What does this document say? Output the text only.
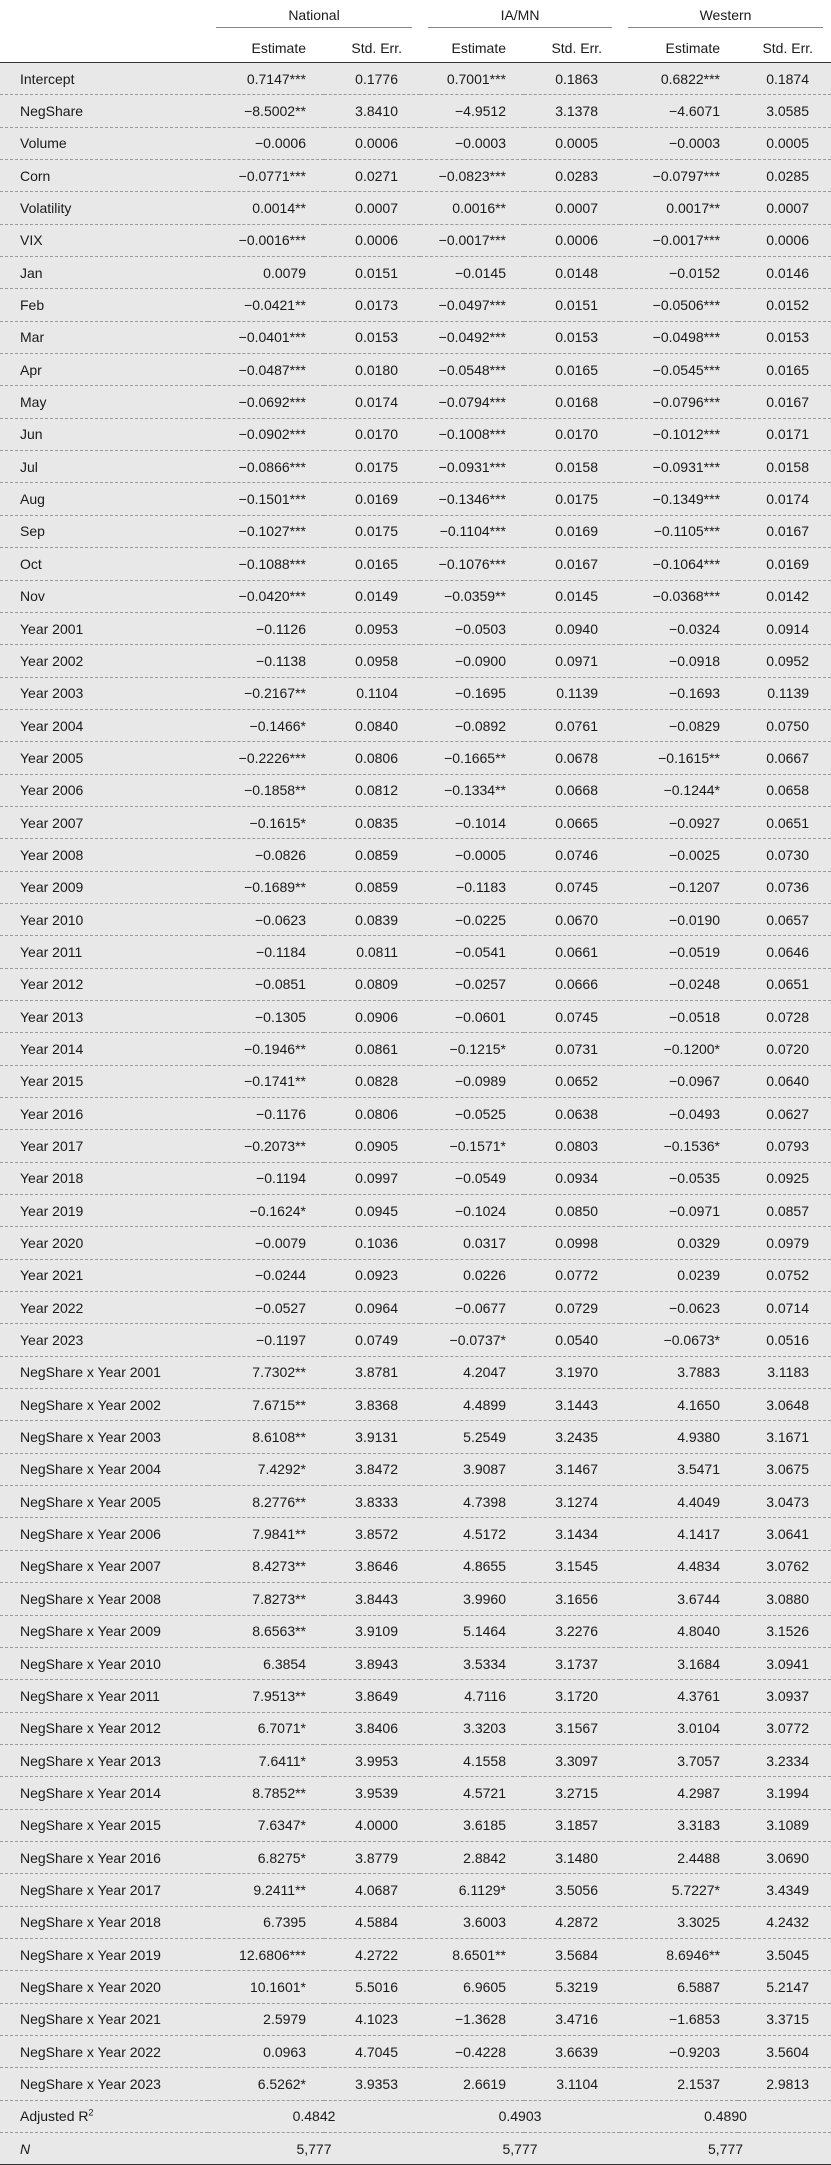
	National		IA/MN		Western	

	Estimate	Std. Err.	Estimate	Std. Err.	Estimate	Std. Err.
Intercept	0.7147***	0.1776	0.7001***	0.1863	0.6822***	0.1874
NegShare	−8.5002**	3.8410	−4.9512	3.1378	−4.6071	3.0585
Volume	−0.0006	0.0006	−0.0003	0.0005	−0.0003	0.0005
Corn	−0.0771***	0.0271	−0.0823***	0.0283	−0.0797***	0.0285
Volatility	0.0014**	0.0007	0.0016**	0.0007	0.0017**	0.0007
VIX	−0.0016***	0.0006	−0.0017***	0.0006	−0.0017***	0.0006
Jan	0.0079	0.0151	−0.0145	0.0148	−0.0152	0.0146
Feb	−0.0421**	0.0173	−0.0497***	0.0151	−0.0506***	0.0152
Mar	−0.0401***	0.0153	−0.0492***	0.0153	−0.0498***	0.0153
Apr	−0.0487***	0.0180	−0.0548***	0.0165	−0.0545***	0.0165
May	−0.0692***	0.0174	−0.0794***	0.0168	−0.0796***	0.0167
Jun	−0.0902***	0.0170	−0.1008***	0.0170	−0.1012***	0.0171
Jul	−0.0866***	0.0175	−0.0931***	0.0158	−0.0931***	0.0158
Aug	−0.1501***	0.0169	−0.1346***	0.0175	−0.1349***	0.0174
Sep	−0.1027***	0.0175	−0.1104***	0.0169	−0.1105***	0.0167
Oct	−0.1088***	0.0165	−0.1076***	0.0167	−0.1064***	0.0169
Nov	−0.0420***	0.0149	−0.0359**	0.0145	−0.0368***	0.0142
Year 2001	−0.1126	0.0953	−0.0503	0.0940	−0.0324	0.0914
Year 2002	−0.1138	0.0958	−0.0900	0.0971	−0.0918	0.0952
Year 2003	−0.2167**	0.1104	−0.1695	0.1139	−0.1693	0.1139
Year 2004	−0.1466*	0.0840	−0.0892	0.0761	−0.0829	0.0750
Year 2005	−0.2226***	0.0806	−0.1665**	0.0678	−0.1615**	0.0667
Year 2006	−0.1858**	0.0812	−0.1334**	0.0668	−0.1244*	0.0658
Year 2007	−0.1615*	0.0835	−0.1014	0.0665	−0.0927	0.0651
Year 2008	−0.0826	0.0859	−0.0005	0.0746	−0.0025	0.0730
Year 2009	−0.1689**	0.0859	−0.1183	0.0745	−0.1207	0.0736
Year 2010	−0.0623	0.0839	−0.0225	0.0670	−0.0190	0.0657
Year 2011	−0.1184	0.0811	−0.0541	0.0661	−0.0519	0.0646
Year 2012	−0.0851	0.0809	−0.0257	0.0666	−0.0248	0.0651
Year 2013	−0.1305	0.0906	−0.0601	0.0745	−0.0518	0.0728
Year 2014	−0.1946**	0.0861	−0.1215*	0.0731	−0.1200*	0.0720
Year 2015	−0.1741**	0.0828	−0.0989	0.0652	−0.0967	0.0640
Year 2016	−0.1176	0.0806	−0.0525	0.0638	−0.0493	0.0627
Year 2017	−0.2073**	0.0905	−0.1571*	0.0803	−0.1536*	0.0793
Year 2018	−0.1194	0.0997	−0.0549	0.0934	−0.0535	0.0925
Year 2019	−0.1624*	0.0945	−0.1024	0.0850	−0.0971	0.0857
Year 2020	−0.0079	0.1036	0.0317	0.0998	0.0329	0.0979
Year 2021	−0.0244	0.0923	0.0226	0.0772	0.0239	0.0752
Year 2022	−0.0527	0.0964	−0.0677	0.0729	−0.0623	0.0714
Year 2023	−0.1197	0.0749	−0.0737*	0.0540	−0.0673*	0.0516
NegShare x Year 2001	7.7302**	3.8781	4.2047	3.1970	3.7883	3.1183
NegShare x Year 2002	7.6715**	3.8368	4.4899	3.1443	4.1650	3.0648
NegShare x Year 2003	8.6108**	3.9131	5.2549	3.2435	4.9380	3.1671
NegShare x Year 2004	7.4292*	3.8472	3.9087	3.1467	3.5471	3.0675
NegShare x Year 2005	8.2776**	3.8333	4.7398	3.1274	4.4049	3.0473
NegShare x Year 2006	7.9841**	3.8572	4.5172	3.1434	4.1417	3.0641
NegShare x Year 2007	8.4273**	3.8646	4.8655	3.1545	4.4834	3.0762
NegShare x Year 2008	7.8273**	3.8443	3.9960	3.1656	3.6744	3.0880
NegShare x Year 2009	8.6563**	3.9109	5.1464	3.2276	4.8040	3.1526
NegShare x Year 2010	6.3854	3.8943	3.5334	3.1737	3.1684	3.0941
NegShare x Year 2011	7.9513**	3.8649	4.7116	3.1720	4.3761	3.0937
NegShare x Year 2012	6.7071*	3.8406	3.3203	3.1567	3.0104	3.0772
NegShare x Year 2013	7.6411*	3.9953	4.1558	3.3097	3.7057	3.2334
NegShare x Year 2014	8.7852**	3.9539	4.5721	3.2715	4.2987	3.1994
NegShare x Year 2015	7.6347*	4.0000	3.6185	3.1857	3.3183	3.1089
NegShare x Year 2016	6.8275*	3.8779	2.8842	3.1480	2.4488	3.0690
NegShare x Year 2017	9.2411**	4.0687	6.1129*	3.5056	5.7227*	3.4349
NegShare x Year 2018	6.7395	4.5884	3.6003	4.2872	3.3025	4.2432
NegShare x Year 2019	12.6806***	4.2722	8.6501**	3.5684	8.6946**	3.5045
NegShare x Year 2020	10.1601*	5.5016	6.9605	5.3219	6.5887	5.2147
NegShare x Year 2021	2.5979	4.1023	−1.3628	3.4716	−1.6853	3.3715
NegShare x Year 2022	0.0963	4.7045	−0.4228	3.6639	−0.9203	3.5604
NegShare x Year 2023	6.5262*	3.9353	2.6619	3.1104	2.1537	2.9813
Adjusted $R^2$	0.4842		0.4903		0.4890	
N	5,777		5,777		5,777	
